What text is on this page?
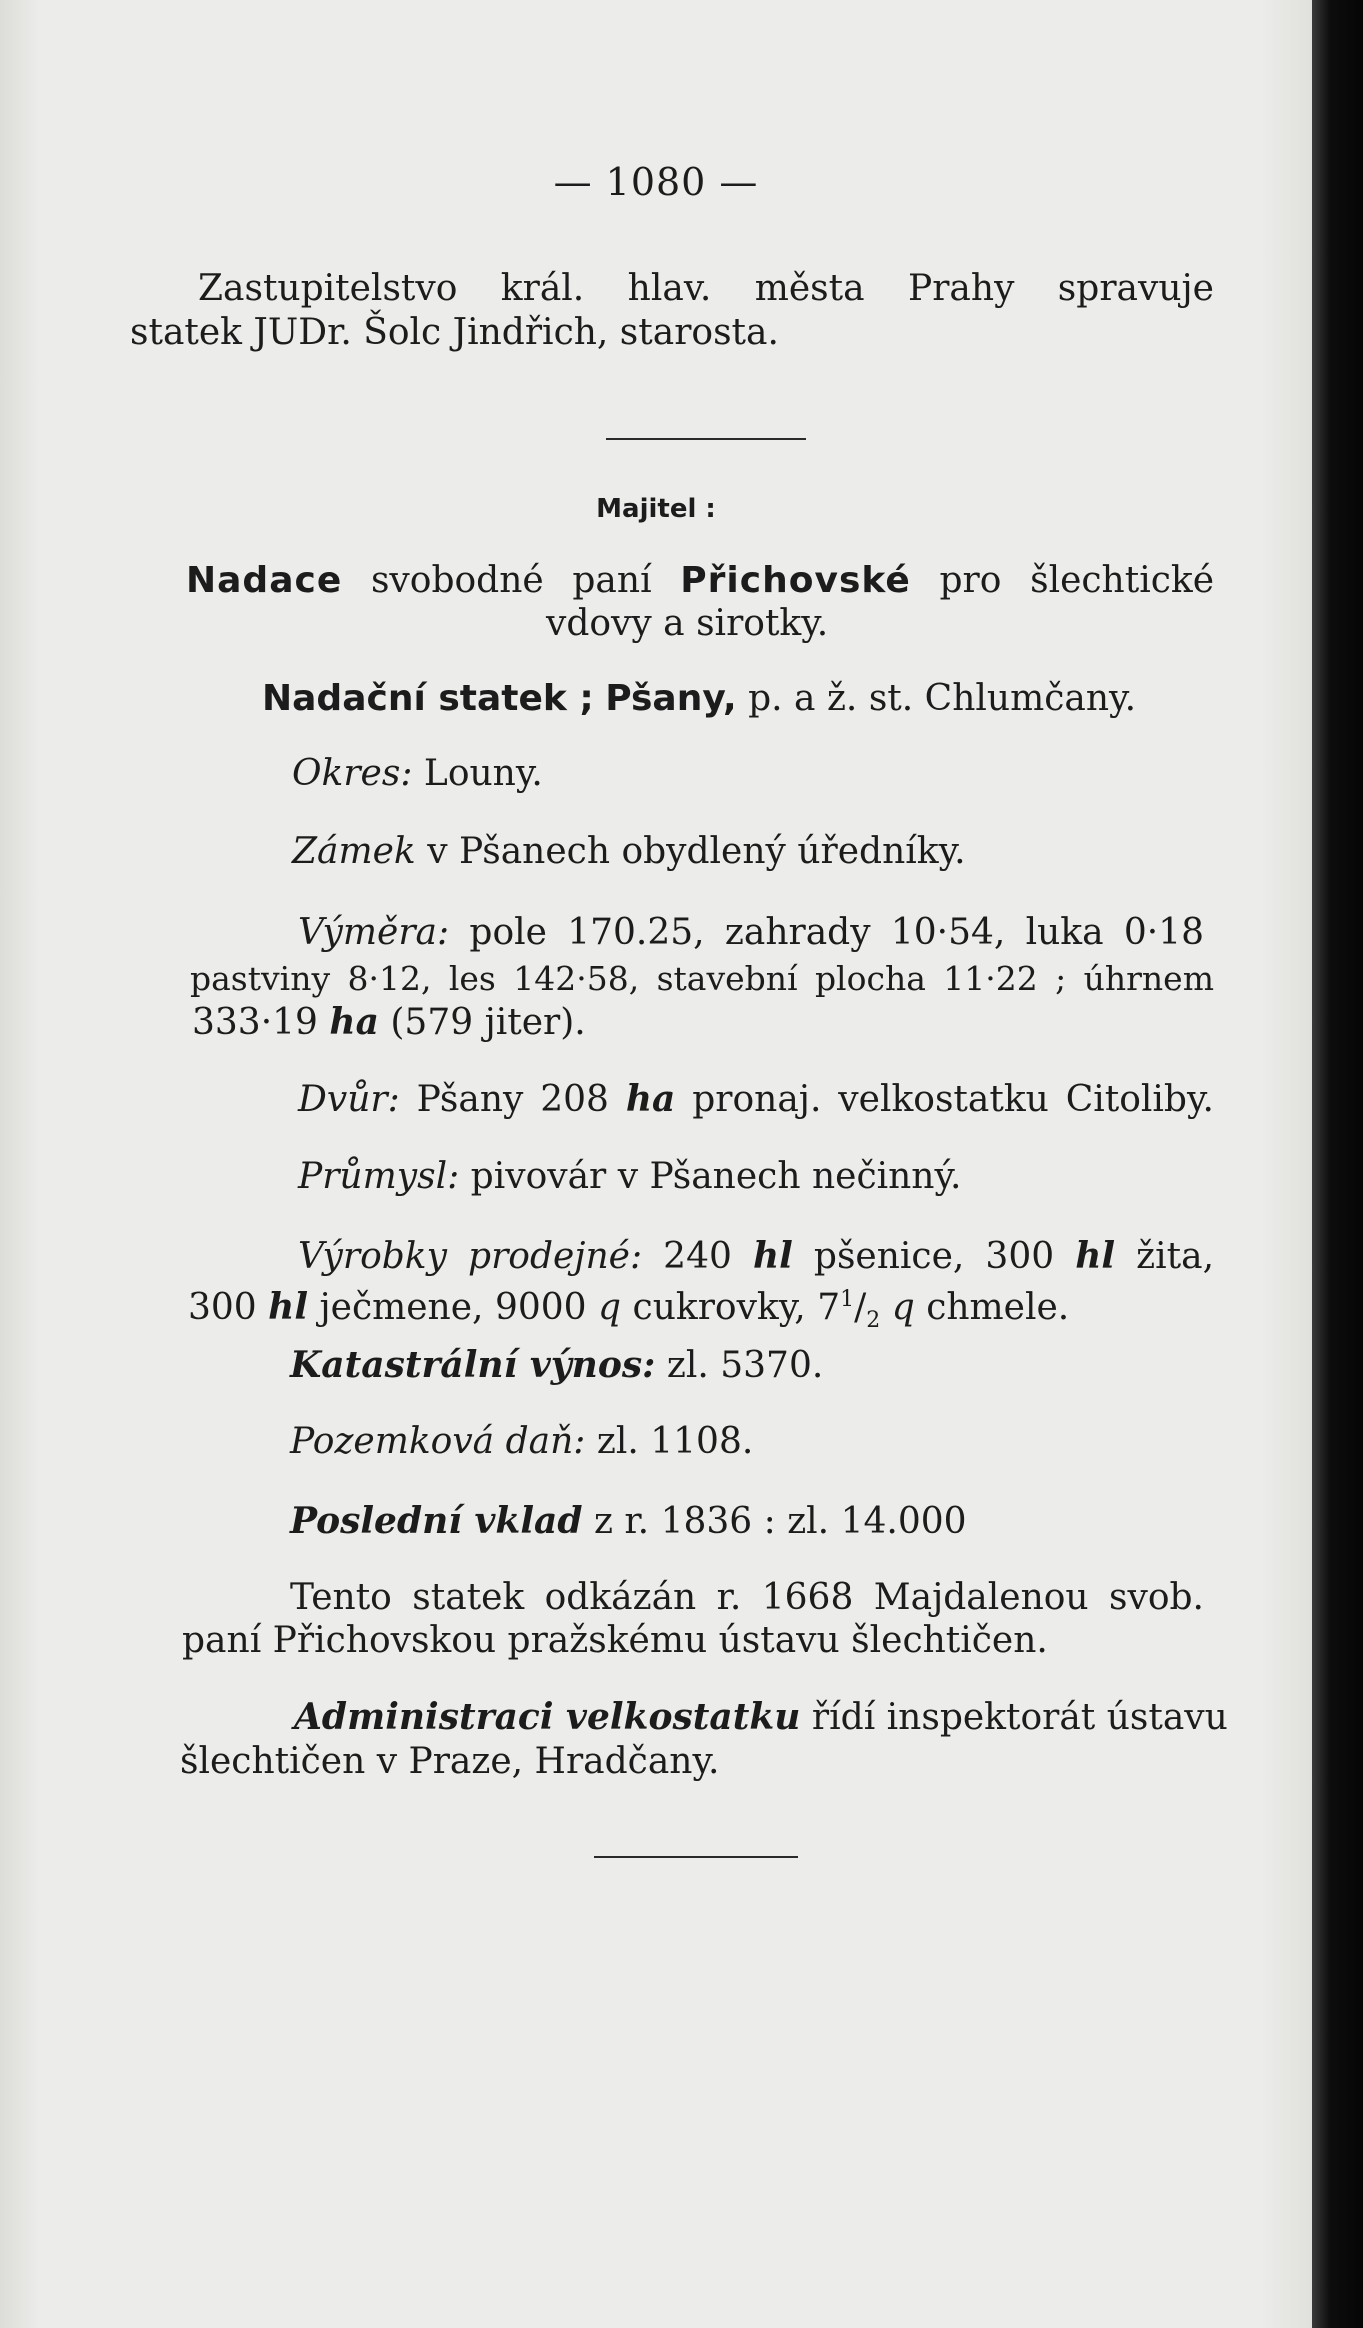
— 1080 —
Zastupitelstvo král. hlav. města Prahy spravuje
statek JUDr. Šolc Jindřich, starosta.
Majitel :
Nadace svobodné paní Přichovské pro šlechtické
vdovy a sirotky.
Nadační statek ; Pšany, p. a ž. st. Chlumčany.
Okres: Louny.
Zámek v Pšanech obydlený úředníky.
Výměra: pole 170.25, zahrady 10·54, luka 0·18
pastviny 8·12, les 142·58, stavební plocha 11·22 ; úhrnem
333·19 ha (579 jiter).
Dvůr: Pšany 208 ha pronaj. velkostatku Citoliby.
Průmysl: pivovár v Pšanech nečinný.
Výrobky prodejné: 240 hl pšenice, 300 hl žita,
300 hl ječmene, 9000 q cukrovky, $7^1/_2$ q chmele.
Katastrální výnos: zl. 5370.
Pozemková daň: zl. 1108.
Poslední vklad z r. 1836 : zl. 14.000
Tento statek odkázán r. 1668 Majdalenou svob.
paní Přichovskou pražskému ústavu šlechtičen.
Administraci velkostatku řídí inspektorát ústavu
šlechtičen v Praze, Hradčany.
